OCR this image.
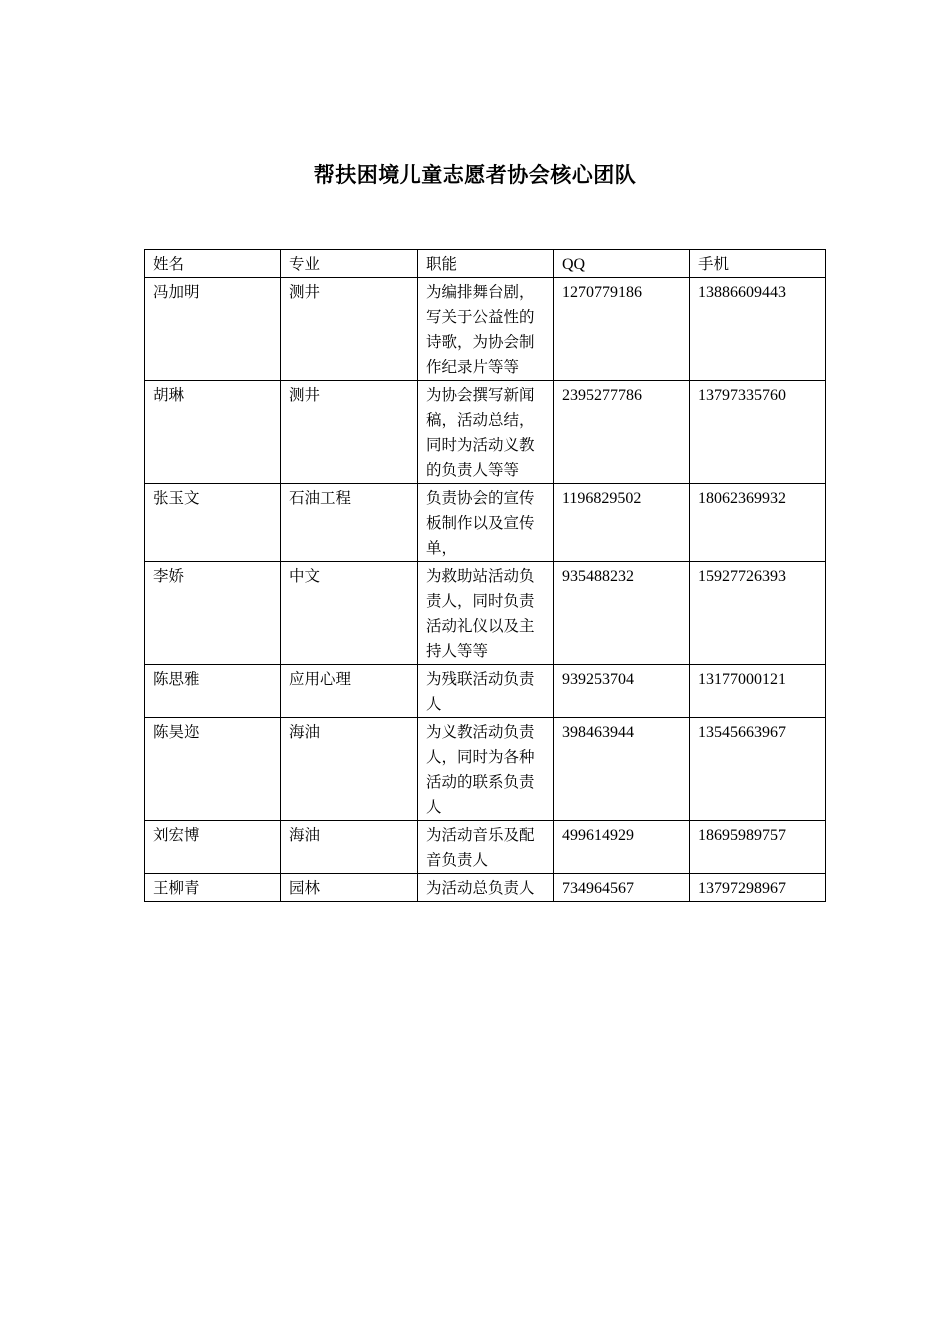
帮扶困境儿童志愿者协会核心团队
姓名	专业	职能	QQ	手机
冯加明	测井	为编排舞台剧，写关于公益性的诗歌，为协会制作纪录片等等	1270779186	13886609443
胡琳	测井	为协会撰写新闻稿，活动总结，同时为活动义教的负责人等等	2395277786	13797335760
张玉文	石油工程	负责协会的宣传板制作以及宣传单，	1196829502	18062369932
李娇	中文	为救助站活动负责人，同时负责活动礼仪以及主持人等等	935488232	15927726393
陈思雅	应用心理	为残联活动负责人	939253704	13177000121
陈昊迩	海油	为义教活动负责人，同时为各种活动的联系负责人	398463944	13545663967
刘宏博	海油	为活动音乐及配音负责人	499614929	18695989757
王柳青	园林	为活动总负责人	734964567	13797298967
